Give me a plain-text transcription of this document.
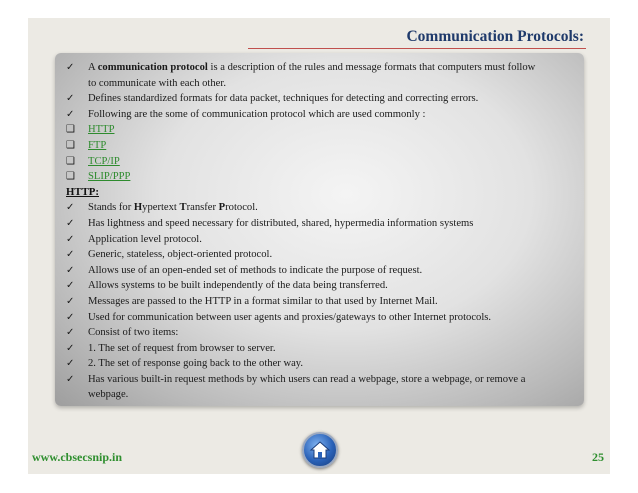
Communication Protocols:
✓	A communication protocol is a description of the rules and message formats that computers must follow
to communicate with each other.
✓	Defines standardized formats for data packet, techniques for detecting and correcting errors.
✓	Following are the some of communication protocol which are used commonly :
❑	HTTP
❑	FTP
❑	TCP/IP
❑	SLIP/PPP
HTTP:
✓	Stands for Hypertext Transfer Protocol.
✓	Has lightness and speed necessary for distributed, shared, hypermedia information systems
✓	Application level protocol.
✓	Generic, stateless, object-oriented protocol.
✓	Allows use of an open-ended set of methods to indicate the purpose of request.
✓	Allows systems to be built independently of the data being transferred.
✓	Messages are passed to the HTTP in a format similar to that used by Internet Mail.
✓	Used for communication between user agents and proxies/gateways to other Internet protocols.
✓	Consist of two items:
✓	1. The set of request from browser to server.
✓	2. The set of response going back to the other way.
✓	Has various built-in request methods by which users can read a webpage, store a webpage, or remove a
webpage.
www.cbsecsnip.in	25
